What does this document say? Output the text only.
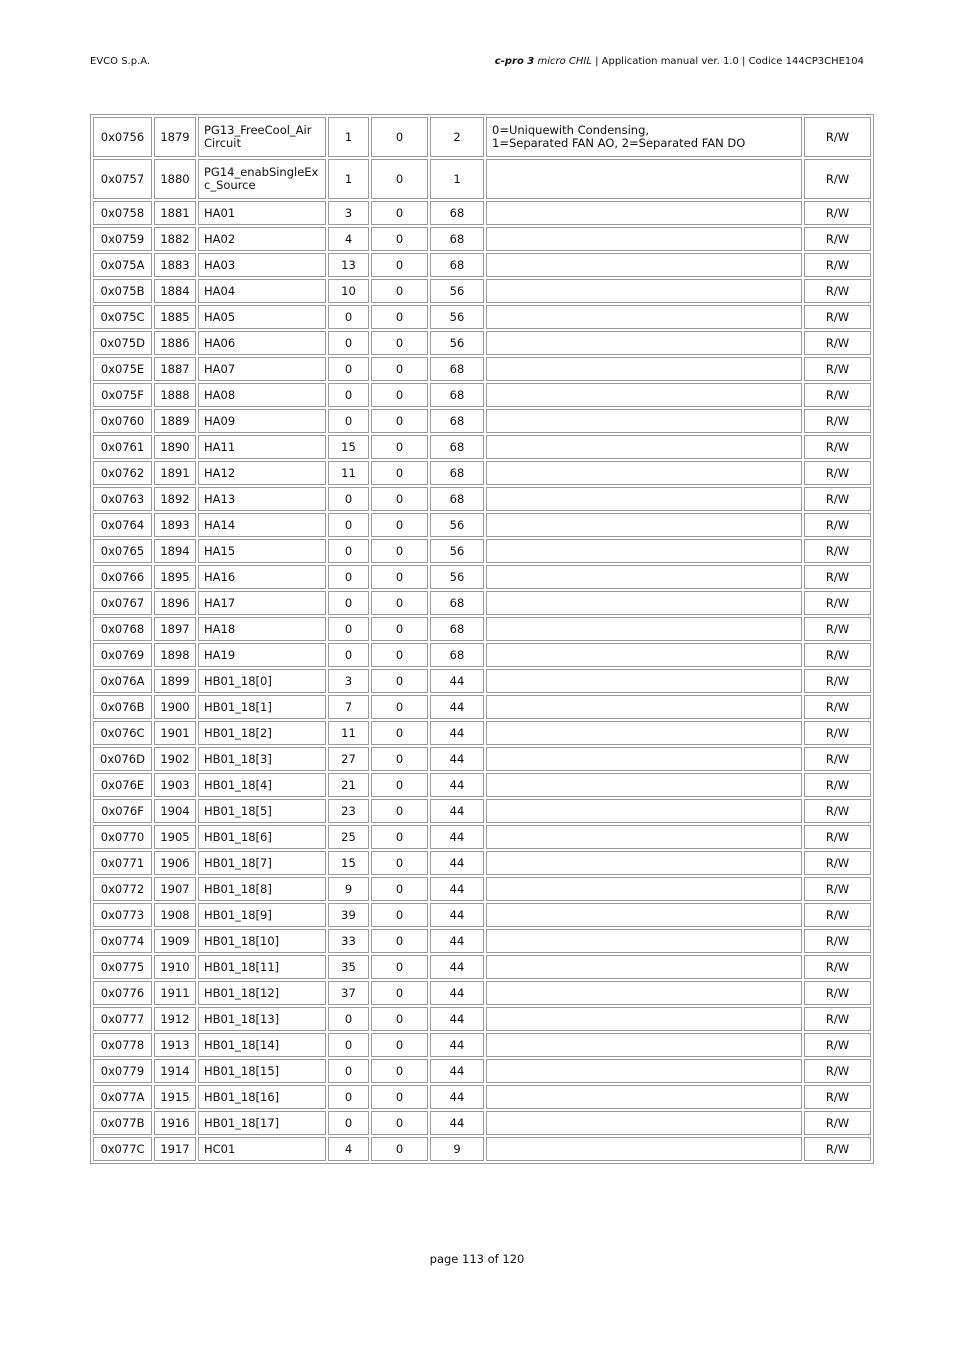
EVCO S.p.A.	c-pro 3 micro CHIL | Application manual ver. 1.0 | Codice 144CP3CHE104
0x0756	1879	PG13_FreeCool_Air Circuit	1	0	2	0=Uniquewith Condensing,
1=Separated FAN AO, 2=Separated FAN DO	R/W
0x0757	1880	PG14_enabSingleEx c_Source	1	0	1		R/W
0x0758	1881	HA01	3	0	68		R/W
0x0759	1882	HA02	4	0	68		R/W
0x075A	1883	HA03	13	0	68		R/W
0x075B	1884	HA04	10	0	56		R/W
0x075C	1885	HA05	0	0	56		R/W
0x075D	1886	HA06	0	0	56		R/W
0x075E	1887	HA07	0	0	68		R/W
0x075F	1888	HA08	0	0	68		R/W
0x0760	1889	HA09	0	0	68		R/W
0x0761	1890	HA11	15	0	68		R/W
0x0762	1891	HA12	11	0	68		R/W
0x0763	1892	HA13	0	0	68		R/W
0x0764	1893	HA14	0	0	56		R/W
0x0765	1894	HA15	0	0	56		R/W
0x0766	1895	HA16	0	0	56		R/W
0x0767	1896	HA17	0	0	68		R/W
0x0768	1897	HA18	0	0	68		R/W
0x0769	1898	HA19	0	0	68		R/W
0x076A	1899	HB01_18[0]	3	0	44		R/W
0x076B	1900	HB01_18[1]	7	0	44		R/W
0x076C	1901	HB01_18[2]	11	0	44		R/W
0x076D	1902	HB01_18[3]	27	0	44		R/W
0x076E	1903	HB01_18[4]	21	0	44		R/W
0x076F	1904	HB01_18[5]	23	0	44		R/W
0x0770	1905	HB01_18[6]	25	0	44		R/W
0x0771	1906	HB01_18[7]	15	0	44		R/W
0x0772	1907	HB01_18[8]	9	0	44		R/W
0x0773	1908	HB01_18[9]	39	0	44		R/W
0x0774	1909	HB01_18[10]	33	0	44		R/W
0x0775	1910	HB01_18[11]	35	0	44		R/W
0x0776	1911	HB01_18[12]	37	0	44		R/W
0x0777	1912	HB01_18[13]	0	0	44		R/W
0x0778	1913	HB01_18[14]	0	0	44		R/W
0x0779	1914	HB01_18[15]	0	0	44		R/W
0x077A	1915	HB01_18[16]	0	0	44		R/W
0x077B	1916	HB01_18[17]	0	0	44		R/W
0x077C	1917	HC01	4	0	9		R/W
page 113 of 120
